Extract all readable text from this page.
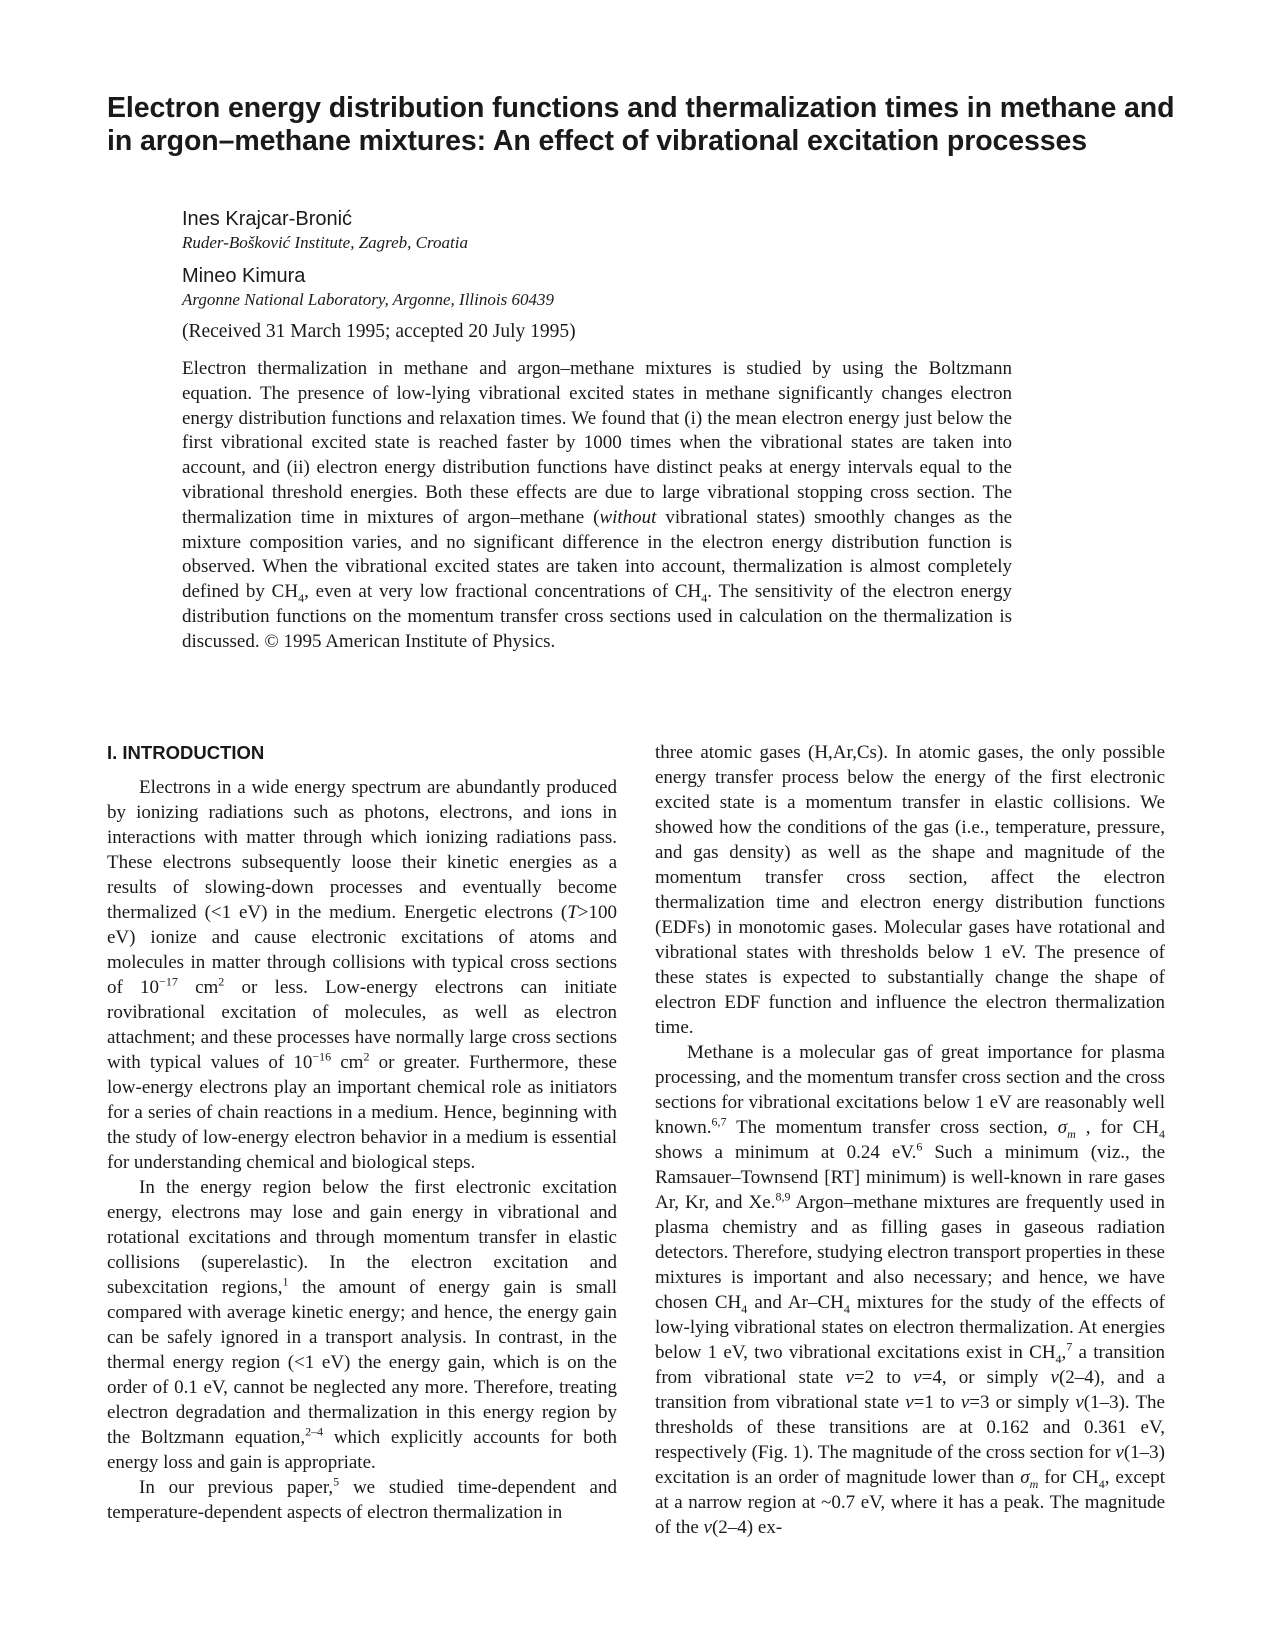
Electron energy distribution functions and thermalization times in methane and in argon–methane mixtures: An effect of vibrational excitation processes
Ines Krajcar-Bronić
Ruder-Bošković Institute, Zagreb, Croatia
Mineo Kimura
Argonne National Laboratory, Argonne, Illinois 60439
(Received 31 March 1995; accepted 20 July 1995)

Electron thermalization in methane and argon–methane mixtures is studied by using the Boltzmann equation. The presence of low-lying vibrational excited states in methane significantly changes electron energy distribution functions and relaxation times. We found that (i) the mean electron energy just below the first vibrational excited state is reached faster by 1000 times when the vibrational states are taken into account, and (ii) electron energy distribution functions have distinct peaks at energy intervals equal to the vibrational threshold energies. Both these effects are due to large vibrational stopping cross section. The thermalization time in mixtures of argon–methane (without vibrational states) smoothly changes as the mixture composition varies, and no significant difference in the electron energy distribution function is observed. When the vibrational excited states are taken into account, thermalization is almost completely defined by $CH_4$, even at very low fractional concentrations of $CH_4$. The sensitivity of the electron energy distribution functions on the momentum transfer cross sections used in calculation on the thermalization is discussed. © 1995 American Institute of Physics.

I. INTRODUCTION

Electrons in a wide energy spectrum are abundantly produced by ionizing radiations such as photons, electrons, and ions in interactions with matter through which ionizing radiations pass. These electrons subsequently loose their kinetic energies as a results of slowing-down processes and eventually become thermalized (<1 eV) in the medium. Energetic electrons (T>100 eV) ionize and cause electronic excitations of atoms and molecules in matter through collisions with typical cross sections of $10^{-17}$ $cm^2$ or less. Low-energy electrons can initiate rovibrational excitation of molecules, as well as electron attachment; and these processes have normally large cross sections with typical values of $10^{-16}$ $cm^2$ or greater. Furthermore, these low-energy electrons play an important chemical role as initiators for a series of chain reactions in a medium. Hence, beginning with the study of low-energy electron behavior in a medium is essential for understanding chemical and biological steps.

In the energy region below the first electronic excitation energy, electrons may lose and gain energy in vibrational and rotational excitations and through momentum transfer in elastic collisions (superelastic). In the electron excitation and subexcitation regions,$^1$ the amount of energy gain is small compared with average kinetic energy; and hence, the energy gain can be safely ignored in a transport analysis. In contrast, in the thermal energy region (<1 eV) the energy gain, which is on the order of 0.1 eV, cannot be neglected any more. Therefore, treating electron degradation and thermalization in this energy region by the Boltzmann equation,$^{2-4}$ which explicitly accounts for both energy loss and gain is appropriate.

In our previous paper,$^5$ we studied time-dependent and temperature-dependent aspects of electron thermalization in

three atomic gases (H,Ar,Cs). In atomic gases, the only possible energy transfer process below the energy of the first electronic excited state is a momentum transfer in elastic collisions. We showed how the conditions of the gas (i.e., temperature, pressure, and gas density) as well as the shape and magnitude of the momentum transfer cross section, affect the electron thermalization time and electron energy distribution functions (EDFs) in monotomic gases. Molecular gases have rotational and vibrational states with thresholds below 1 eV. The presence of these states is expected to substantially change the shape of electron EDF function and influence the electron thermalization time.

Methane is a molecular gas of great importance for plasma processing, and the momentum transfer cross section and the cross sections for vibrational excitations below 1 eV are reasonably well known.$^{6,7}$ The momentum transfer cross section, $\sigma_m$ , for $CH_4$ shows a minimum at 0.24 eV.$^6$ Such a minimum (viz., the Ramsauer–Townsend [RT] minimum) is well-known in rare gases Ar, Kr, and Xe.$^{8,9}$ Argon–methane mixtures are frequently used in plasma chemistry and as filling gases in gaseous radiation detectors. Therefore, studying electron transport properties in these mixtures is important and also necessary; and hence, we have chosen $CH_4$ and $Ar-CH_4$ mixtures for the study of the effects of low-lying vibrational states on electron thermalization. At energies below 1 eV, two vibrational excitations exist in $CH_4,^7$ a transition from vibrational state v=2 to v=4, or simply v(2–4), and a transition from vibrational state v=1 to v=3 or simply v(1–3). The thresholds of these transitions are at 0.162 and 0.361 eV, respectively (Fig. 1). The magnitude of the cross section for v(1–3) excitation is an order of magnitude lower than $\sigma_m$ for $CH_4$, except at a narrow region at ~0.7 eV, where it has a peak. The magnitude of the v(2–4) ex-
